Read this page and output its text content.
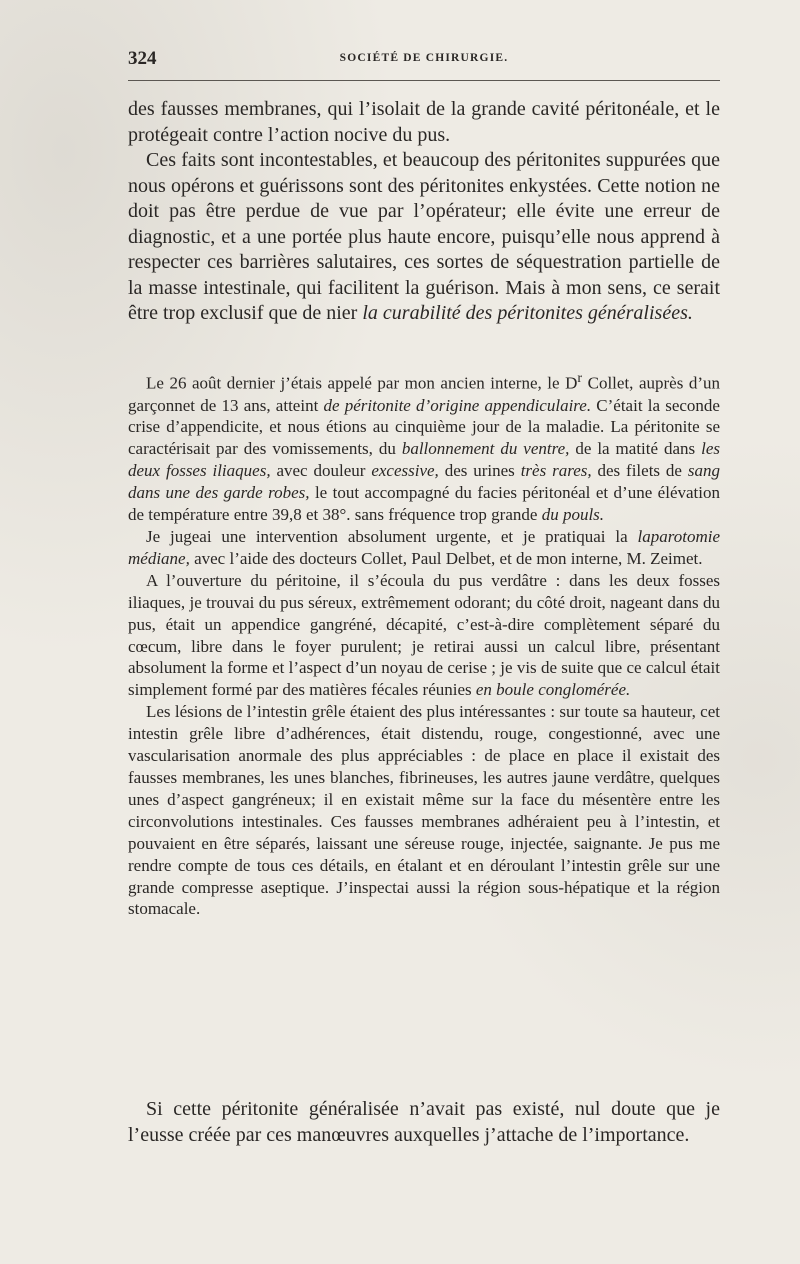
324	SOCIÉTÉ DE CHIRURGIE.

des fausses membranes, qui l’isolait de la grande cavité péritonéale, et le protégeait contre l’action nocive du pus.

Ces faits sont incontestables, et beaucoup des péritonites suppurées que nous opérons et guérissons sont des péritonites enkystées. Cette notion ne doit pas être perdue de vue par l’opérateur; elle évite une erreur de diagnostic, et a une portée plus haute encore, puisqu’elle nous apprend à respecter ces barrières salutaires, ces sortes de séquestration partielle de la masse intestinale, qui facilitent la guérison. Mais à mon sens, ce serait être trop exclusif que de nier la curabilité des péritonites généralisées.

Le 26 août dernier j’étais appelé par mon ancien interne, le $D^r$ Collet, auprès d’un garçonnet de 13 ans, atteint de péritonite d’origine appendiculaire. C’était la seconde crise d’appendicite, et nous étions au cinquième jour de la maladie. La péritonite se caractérisait par des vomissements, du ballonnement du ventre, de la matité dans les deux fosses iliaques, avec douleur excessive, des urines très rares, des filets de sang dans une des garde robes, le tout accompagné du facies péritonéal et d’une élévation de température entre 39,8 et 38°. sans fréquence trop grande du pouls.

Je jugeai une intervention absolument urgente, et je pratiquai la laparotomie médiane, avec l’aide des docteurs Collet, Paul Delbet, et de mon interne, M. Zeimet.

A l’ouverture du péritoine, il s’écoula du pus verdâtre : dans les deux fosses iliaques, je trouvai du pus séreux, extrêmement odorant; du côté droit, nageant dans du pus, était un appendice gangréné, décapité, c’est-à-dire complètement séparé du cœcum, libre dans le foyer purulent; je retirai aussi un calcul libre, présentant absolument la forme et l’aspect d’un noyau de cerise ; je vis de suite que ce calcul était simplement formé par des matières fécales réunies en boule conglomérée.

Les lésions de l’intestin grêle étaient des plus intéressantes : sur toute sa hauteur, cet intestin grêle libre d’adhérences, était distendu, rouge, congestionné, avec une vascularisation anormale des plus appréciables : de place en place il existait des fausses membranes, les unes blanches, fibrineuses, les autres jaune verdâtre, quelques unes d’aspect gangréneux; il en existait même sur la face du mésentère entre les circonvolutions intestinales. Ces fausses membranes adhéraient peu à l’intestin, et pouvaient en être séparés, laissant une séreuse rouge, injectée, saignante. Je pus me rendre compte de tous ces détails, en étalant et en déroulant l’intestin grêle sur une grande compresse aseptique. J’inspectai aussi la région sous-hépatique et la région stomacale.

Si cette péritonite généralisée n’avait pas existé, nul doute que je l’eusse créée par ces manœuvres auxquelles j’attache de l’importance.
